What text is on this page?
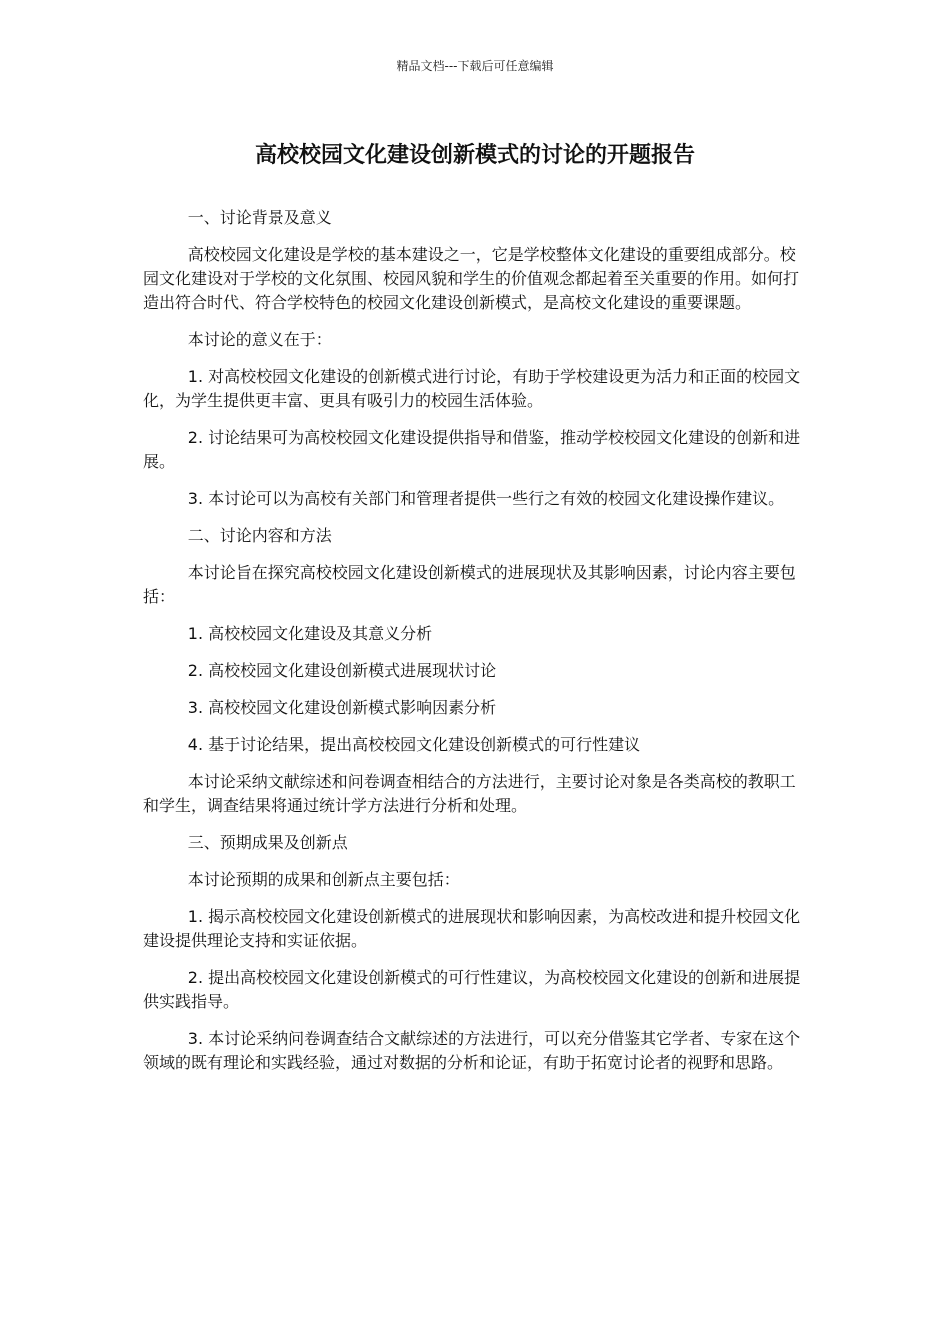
精品文档---下载后可任意编辑
高校校园文化建设创新模式的讨论的开题报告

一、讨论背景及意义

高校校园文化建设是学校的基本建设之一，它是学校整体文化建设的重要组成部分。校园文化建设对于学校的文化氛围、校园风貌和学生的价值观念都起着至关重要的作用。如何打造出符合时代、符合学校特色的校园文化建设创新模式，是高校文化建设的重要课题。

本讨论的意义在于：

1. 对高校校园文化建设的创新模式进行讨论，有助于学校建设更为活力和正面的校园文化，为学生提供更丰富、更具有吸引力的校园生活体验。

2. 讨论结果可为高校校园文化建设提供指导和借鉴，推动学校校园文化建设的创新和进展。

3. 本讨论可以为高校有关部门和管理者提供一些行之有效的校园文化建设操作建议。

二、讨论内容和方法

本讨论旨在探究高校校园文化建设创新模式的进展现状及其影响因素，讨论内容主要包括：

1. 高校校园文化建设及其意义分析

2. 高校校园文化建设创新模式进展现状讨论

3. 高校校园文化建设创新模式影响因素分析

4. 基于讨论结果，提出高校校园文化建设创新模式的可行性建议

本讨论采纳文献综述和问卷调查相结合的方法进行，主要讨论对象是各类高校的教职工和学生，调查结果将通过统计学方法进行分析和处理。

三、预期成果及创新点

本讨论预期的成果和创新点主要包括：

1. 揭示高校校园文化建设创新模式的进展现状和影响因素，为高校改进和提升校园文化建设提供理论支持和实证依据。

2. 提出高校校园文化建设创新模式的可行性建议，为高校校园文化建设的创新和进展提供实践指导。

3. 本讨论采纳问卷调查结合文献综述的方法进行，可以充分借鉴其它学者、专家在这个领域的既有理论和实践经验，通过对数据的分析和论证，有助于拓宽讨论者的视野和思路。
